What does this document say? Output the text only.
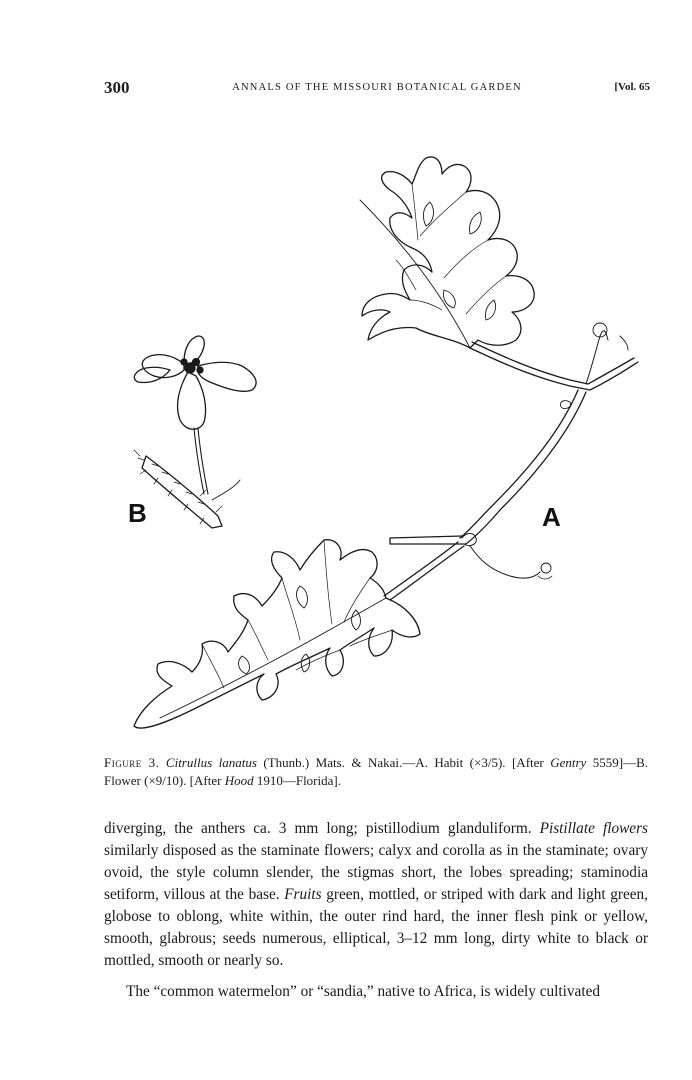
300	ANNALS OF THE MISSOURI BOTANICAL GARDEN	[Vol. 65
B	A
Figure 3. Citrullus lanatus (Thunb.) Mats. & Nakai.—A. Habit (×3/5). [After Gentry 5559]—B. Flower (×9/10). [After Hood 1910—Florida].

diverging, the anthers ca. 3 mm long; pistillodium glanduliform. Pistillate flowers similarly disposed as the staminate flowers; calyx and corolla as in the staminate; ovary ovoid, the style column slender, the stigmas short, the lobes spreading; staminodia setiform, villous at the base. Fruits green, mottled, or striped with dark and light green, globose to oblong, white within, the outer rind hard, the inner flesh pink or yellow, smooth, glabrous; seeds numerous, elliptical, 3–12 mm long, dirty white to black or mottled, smooth or nearly so.

The “common watermelon” or “sandia,” native to Africa, is widely cultivated
